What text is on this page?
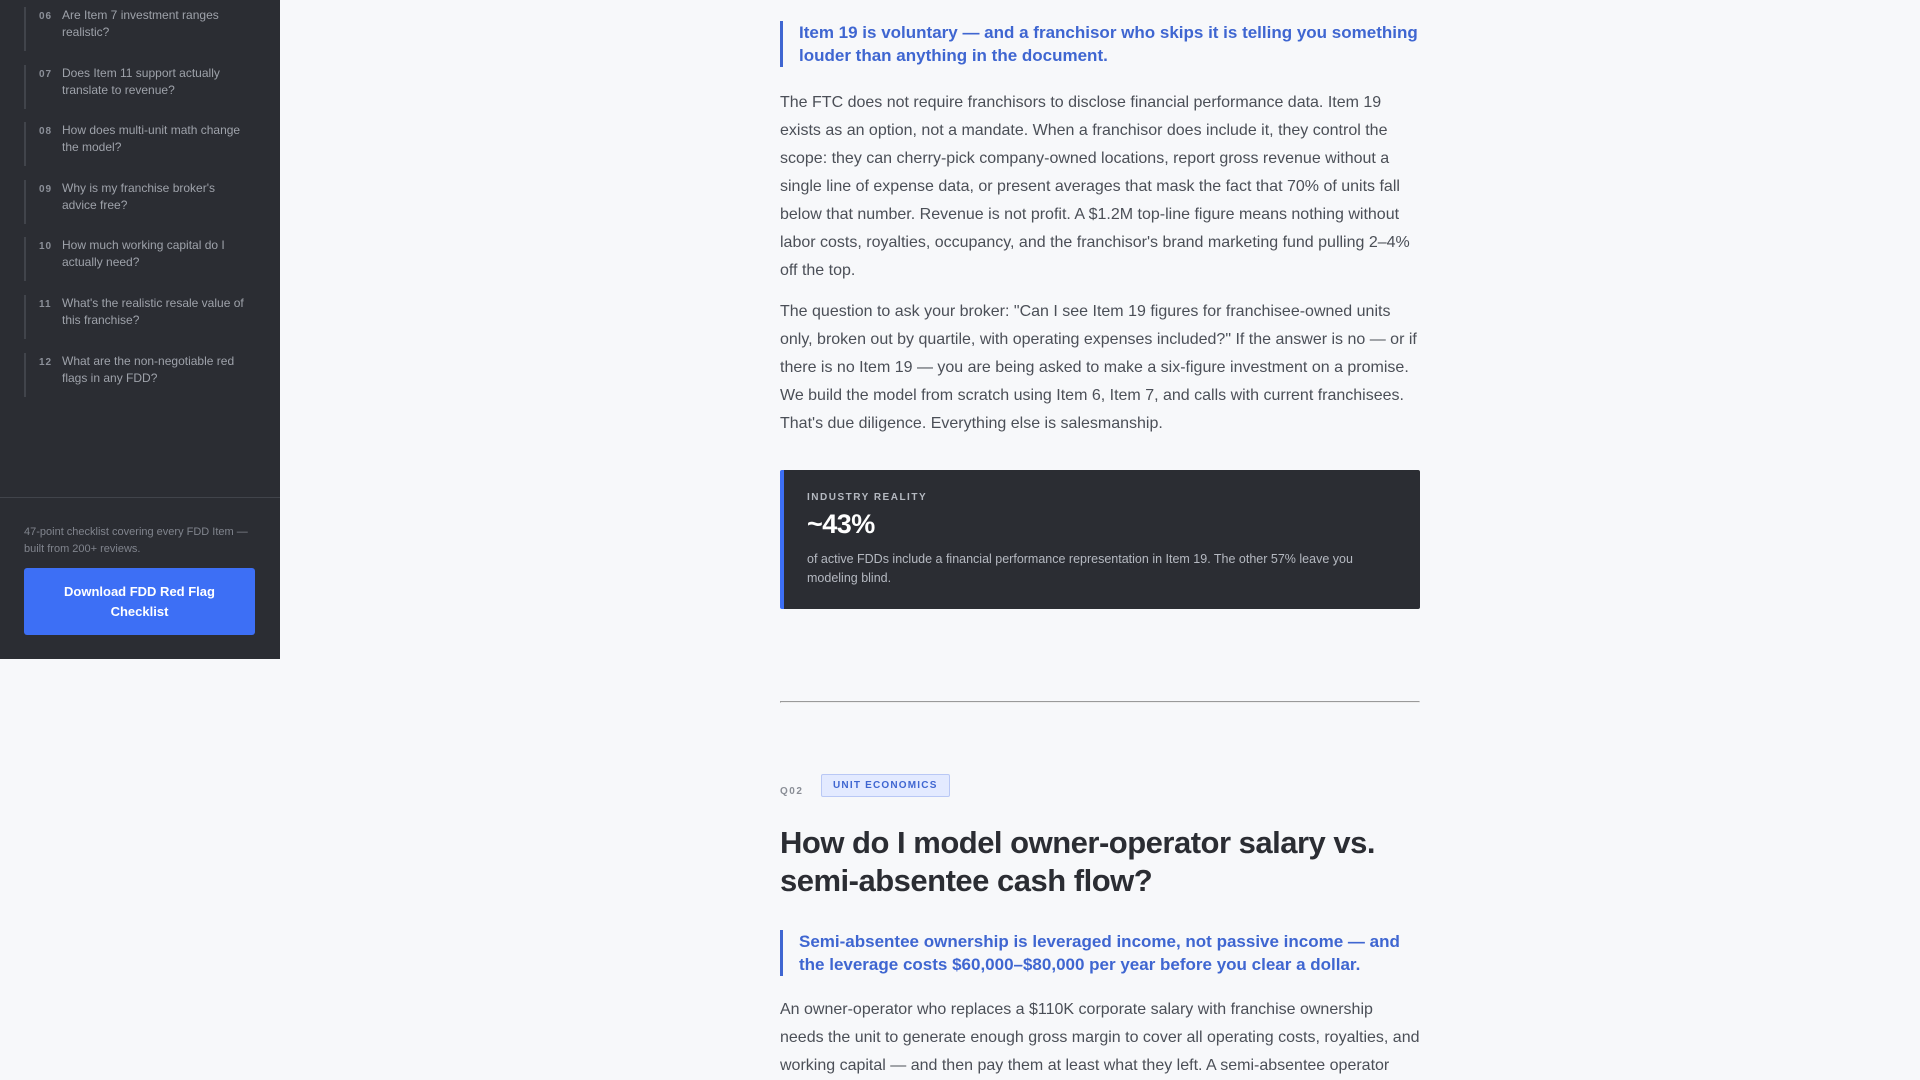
06 Are Item 7 investment ranges realistic?
07 Does Item 11 support actually translate to revenue?
08 How does multi-unit math change the model?
09 Why is my franchise broker's advice free?
10 How much working capital do I actually need?
11 What's the realistic resale value of this franchise?
12 What are the non-negotiable red flags in any FDD?

47-point checklist covering every FDD Item — built from 200+ reviews.

Download FDD Red Flag Checklist
Item 19 is voluntary — and a franchisor who skips it is telling you something louder than anything in the document.

The FTC does not require franchisors to disclose financial performance data. Item 19 exists as an option, not a mandate. When a franchisor does include it, they control the scope: they can cherry-pick company-owned locations, report gross revenue without a single line of expense data, or present averages that mask the fact that 70% of units fall below that number. Revenue is not profit. A $1.2M top-line figure means nothing without labor costs, royalties, occupancy, and the franchisor's brand marketing fund pulling 2–4% off the top.

The question to ask your broker: "Can I see Item 19 figures for franchisee-owned units only, broken out by quartile, with operating expenses included?" If the answer is no — or if there is no Item 19 — you are being asked to make a six-figure investment on a promise. We build the model from scratch using Item 6, Item 7, and calls with current franchisees. That's due diligence. Everything else is salesmanship.

INDUSTRY REALITY
~43%

of active FDDs include a financial performance representation in Item 19. The other 57% leave you modeling blind.

Q02
UNIT ECONOMICS
How do I model owner-operator salary vs. semi-absentee cash flow?
Semi-absentee ownership is leveraged income, not passive income — and the leverage costs $60,000–$80,000 per year before you clear a dollar.

An owner-operator who replaces a $110K corporate salary with franchise ownership needs the unit to generate enough gross margin to cover all operating costs, royalties, and working capital — and then pay them at least what they left. A semi-absentee operator
